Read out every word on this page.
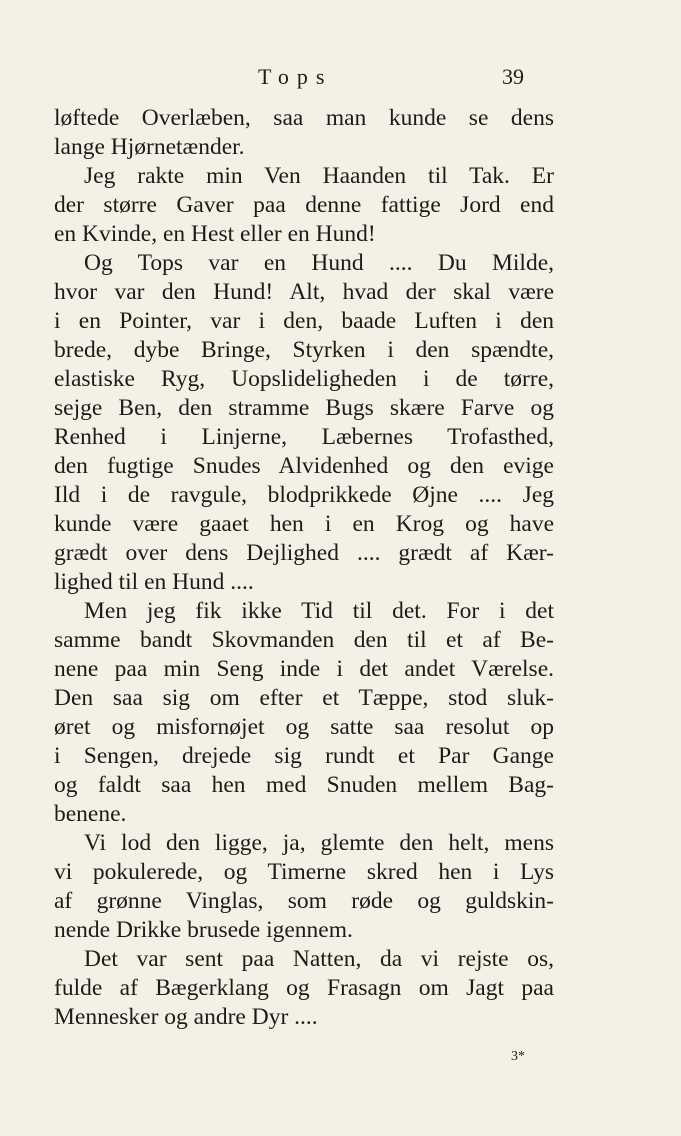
Tops	39
løftede Overlæben, saa man kunde se dens
lange Hjørnetænder.
Jeg rakte min Ven Haanden til Tak. Er
der større Gaver paa denne fattige Jord end
en Kvinde, en Hest eller en Hund!
Og Tops var en Hund .... Du Milde,
hvor var den Hund! Alt, hvad der skal være
i en Pointer, var i den, baade Luften i den
brede, dybe Bringe, Styrken i den spændte,
elastiske Ryg, Uopslideligheden i de tørre,
sejge Ben, den stramme Bugs skære Farve og
Renhed i Linjerne, Læbernes Trofasthed,
den fugtige Snudes Alvidenhed og den evige
Ild i de ravgule, blodprikkede Øjne .... Jeg
kunde være gaaet hen i en Krog og have
grædt over dens Dejlighed .... grædt af Kær-
lighed til en Hund ....
Men jeg fik ikke Tid til det. For i det
samme bandt Skovmanden den til et af Be-
nene paa min Seng inde i det andet Værelse.
Den saa sig om efter et Tæppe, stod sluk-
øret og misfornøjet og satte saa resolut op
i Sengen, drejede sig rundt et Par Gange
og faldt saa hen med Snuden mellem Bag-
benene.
Vi lod den ligge, ja, glemte den helt, mens
vi pokulerede, og Timerne skred hen i Lys
af grønne Vinglas, som røde og guldskin-
nende Drikke brusede igennem.
Det var sent paa Natten, da vi rejste os,
fulde af Bægerklang og Frasagn om Jagt paa
Mennesker og andre Dyr ....
3*
